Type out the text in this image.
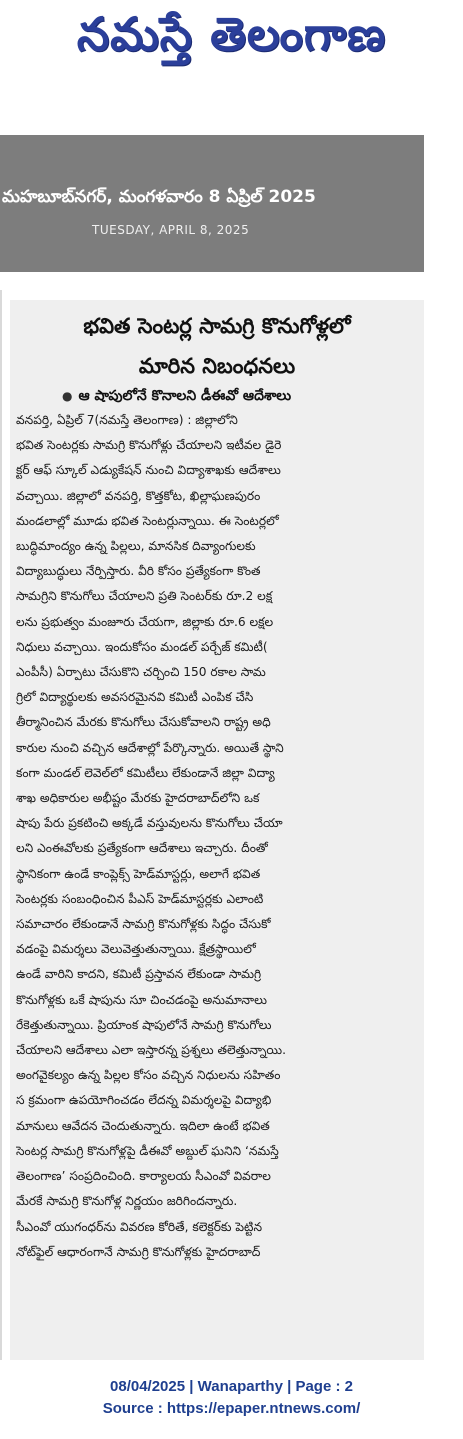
నమస్తే తెలంగాణ
మహబూబ్‌నగర్, మంగళవారం 8 ఏప్రిల్ 2025
TUESDAY, APRIL 8, 2025
భవిత సెంటర్ల సామగ్రి కొనుగోళ్లలో
మారిన నిబంధనలు
● ఆ షాపులోనే కొనాలని డీఈవో ఆదేశాలు
వనపర్తి, ఏప్రిల్ 7(నమస్తే తెలంగాణ) : జిల్లాలోని
భవిత సెంటర్లకు సామగ్రి కొనుగోళ్లు చేయాలని ఇటీవల డైరె
క్టర్ ఆఫ్ స్కూల్ ఎడ్యుకేషన్ నుంచి విద్యాశాఖకు ఆదేశాలు
వచ్చాయి. జిల్లాలో వనపర్తి, కొత్తకోట, ఖిల్లాఘణపురం
మండలాల్లో మూడు భవిత సెంటర్లున్నాయి. ఈ సెంటర్లలో
బుద్ధిమాంద్యం ఉన్న పిల్లలు, మానసిక దివ్యాంగులకు
విద్యాబుద్ధులు నేర్పిస్తారు. వీరి కోసం ప్రత్యేకంగా కొంత
సామగ్రిని కొనుగోలు చేయాలని ప్రతి సెంటర్‌కు రూ.2 లక్ష
లను ప్రభుత్వం మంజూరు చేయగా, జిల్లాకు రూ.6 లక్షల
నిధులు వచ్చాయి. ఇందుకోసం మండల్ పర్చేజ్ కమిటీ(
ఎంపీసీ) ఏర్పాటు చేసుకొని చర్చించి 150 రకాల సామ
గ్రిలో విద్యార్థులకు అవసరమైనవి కమిటీ ఎంపిక చేసి
తీర్మానించిన మేరకు కొనుగోలు చేసుకోవాలని రాష్ట్ర అధి
కారుల నుంచి వచ్చిన ఆదేశాల్లో పేర్కొన్నారు. అయితే స్థాని
కంగా మండల్ లెవెల్‌లో కమిటీలు లేకుండానే జిల్లా విద్యా
శాఖ అధికారుల అభీష్టం మేరకు హైదరాబాద్‌లోని ఒక
షాపు పేరు ప్రకటించి అక్కడే వస్తువులను కొనుగోలు చేయా
లని ఎంఈవోలకు ప్రత్యేకంగా ఆదేశాలు ఇచ్చారు. దీంతో
స్థానికంగా ఉండే కాంప్లెక్స్ హెడ్‌మాస్టర్లు, అలాగే భవిత
సెంటర్లకు సంబంధించిన పీఎస్ హెడ్‌మాస్టర్లకు ఎలాంటి
సమాచారం లేకుండానే సామగ్రి కొనుగోళ్లకు సిద్ధం చేసుకో
వడంపై విమర్శలు వెలువెత్తుతున్నాయి. క్షేత్రస్థాయిలో
ఉండే వారిని కాదని, కమిటీ ప్రస్తావన లేకుండా సామగ్రి
కొనుగోళ్లకు ఒకే షాపును సూ చించడంపై అనుమానాలు
రేకెత్తుతున్నాయి. ప్రియాంక షాపులోనే సామగ్రి కొనుగోలు
చేయాలని ఆదేశాలు ఎలా ఇస్తారన్న ప్రశ్నలు తలెత్తున్నాయి.
అంగవైకల్యం ఉన్న పిల్లల కోసం వచ్చిన నిధులను సహితం
స క్రమంగా ఉపయోగించడం లేదన్న విమర్శలపై విద్యాభి
మానులు ఆవేదన చెందుతున్నారు. ఇదిలా ఉంటే భవిత
సెంటర్ల సామగ్రి కొనుగోళ్లపై డీఈవో అబ్దుల్ ఘనిని ‘నమస్తే
తెలంగాణ’ సంప్రదించింది. కార్యాలయ సీఎంవో వివరాల
మేరకే సామగ్రి కొనుగోళ్ల నిర్ణయం జరిగిందన్నారు.
సీఎంవో యుగంధర్‌ను వివరణ కోరితే, కలెక్టర్‌కు పెట్టిన
నోట్‌ఫైల్ ఆధారంగానే సామగ్రి కొనుగోళ్లకు హైదరాబాద్
08/04/2025 | Wanaparthy | Page : 2
Source : https://epaper.ntnews.com/
